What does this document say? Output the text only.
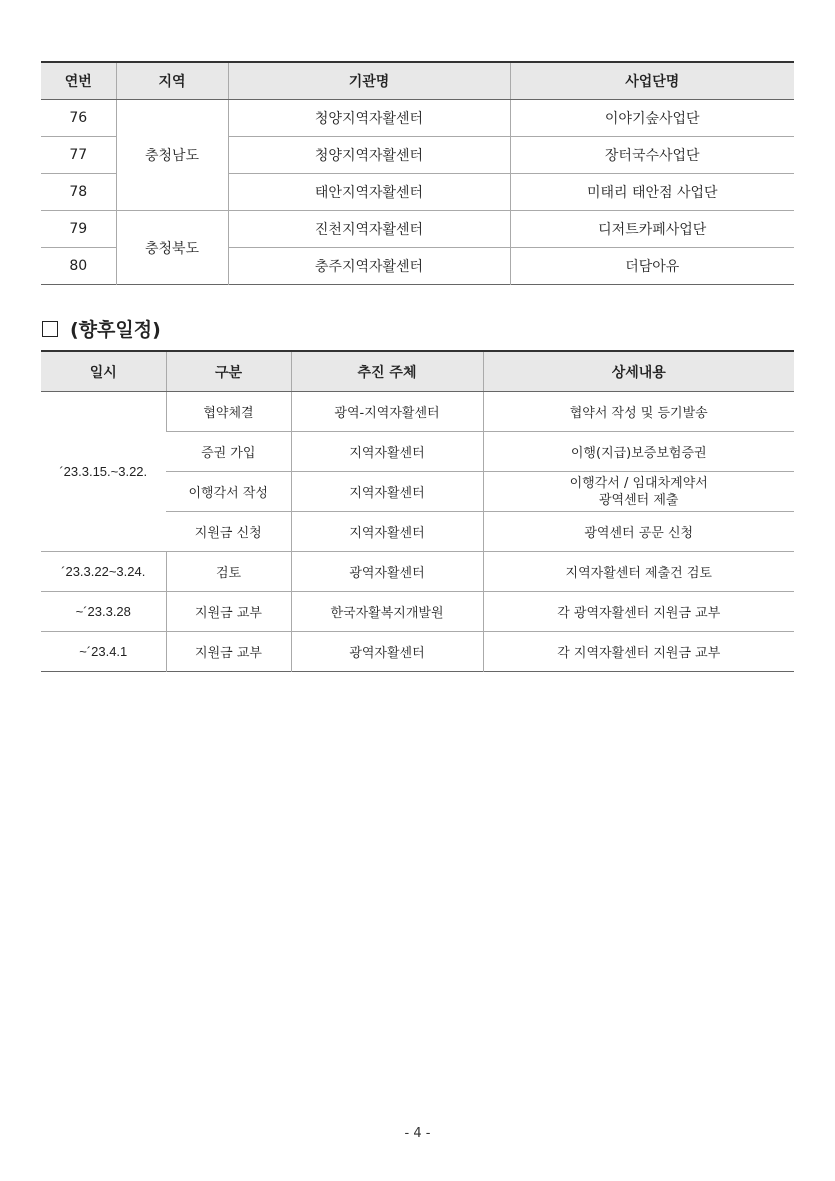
연번	지역	기관명	사업단명
76	충청남도	청양지역자활센터	이야기숲사업단
77		청양지역자활센터	장터국수사업단
78		태안지역자활센터	미태리 태안점 사업단
79	충청북도	진천지역자활센터	디저트카페사업단
80		충주지역자활센터	더담아유
(향후일정)
일시	구분	추진 주체	상세내용
´23.3.15.~3.22.	협약체결	광역-지역자활센터	협약서 작성 및 등기발송
	증권 가입	지역자활센터	이행(지급)보증보험증권
	이행각서 작성	지역자활센터	이행각서 / 임대차계약서
광역센터 제출

	지원금 신청	지역자활센터	광역센터 공문 신청
´23.3.22~3.24.	검토	광역자활센터	지역자활센터 제출건 검토
~´23.3.28	지원금 교부	한국자활복지개발원	각 광역자활센터 지원금 교부
~´23.4.1	지원금 교부	광역자활센터	각 지역자활센터 지원금 교부
- 4 -
